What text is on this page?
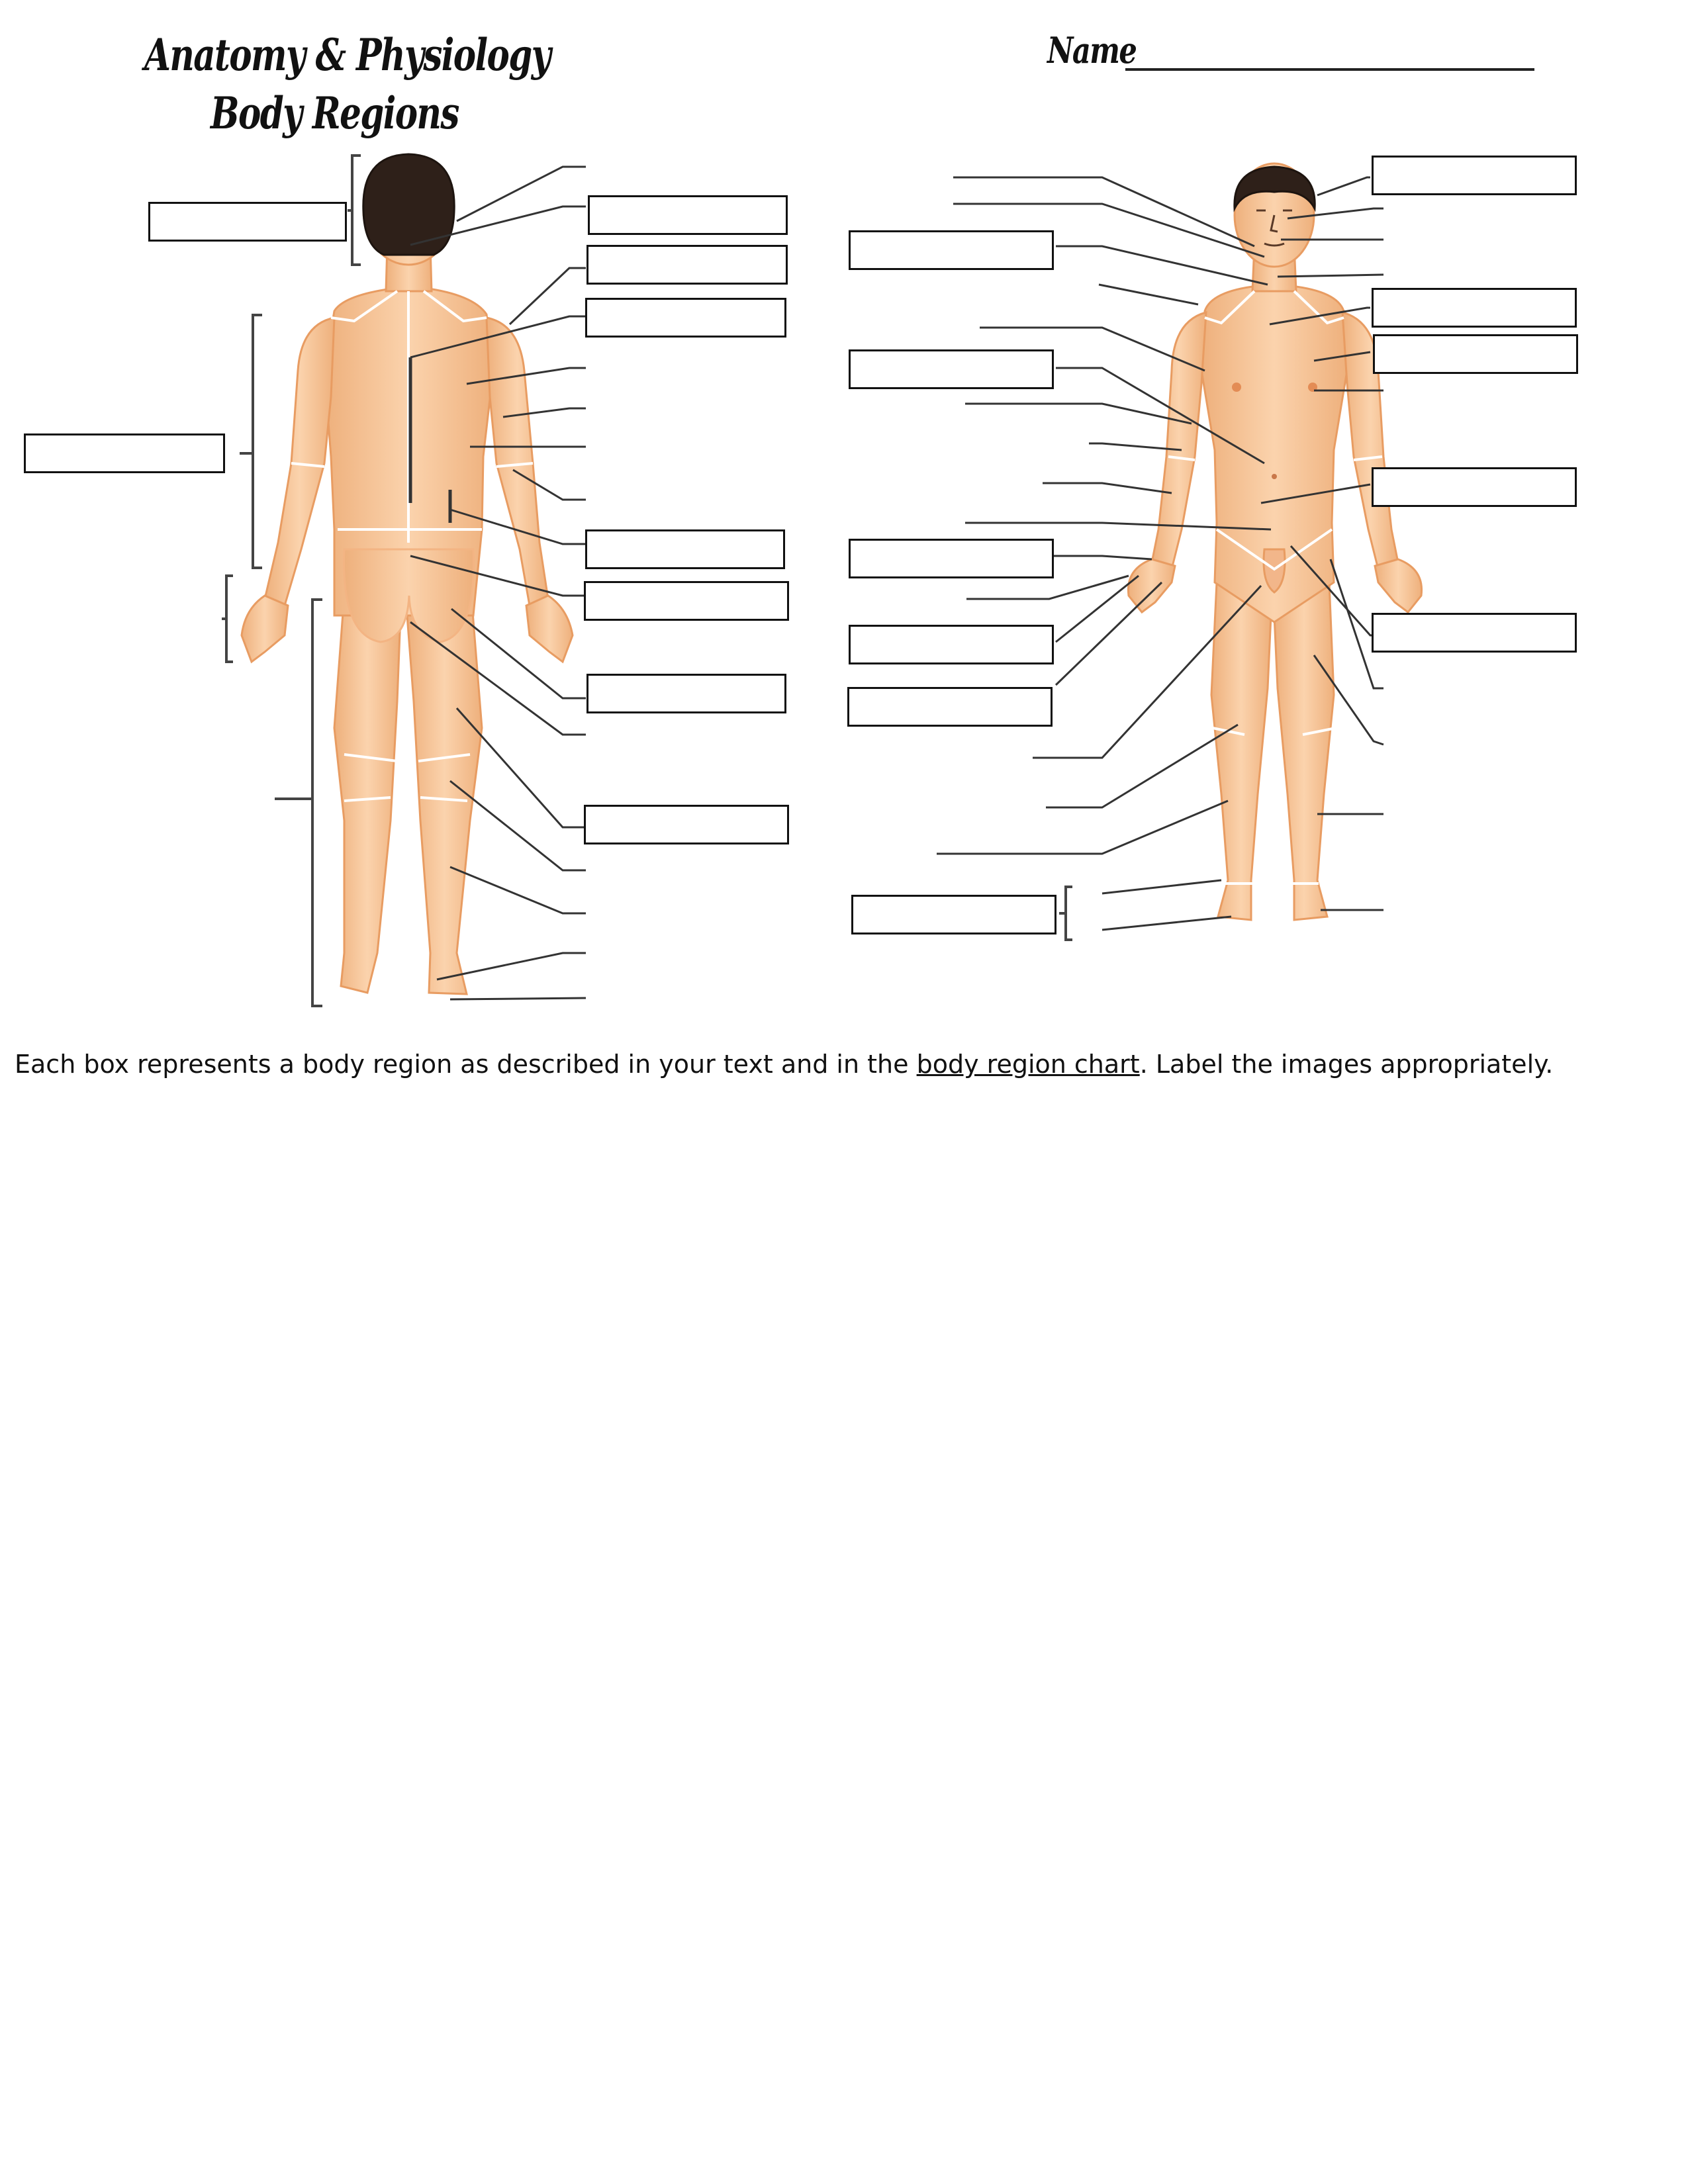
Anatomy & Physiology
Body Regions
Name
Each box represents a body region as described in your text and in the body region chart. Label the images appropriately.
